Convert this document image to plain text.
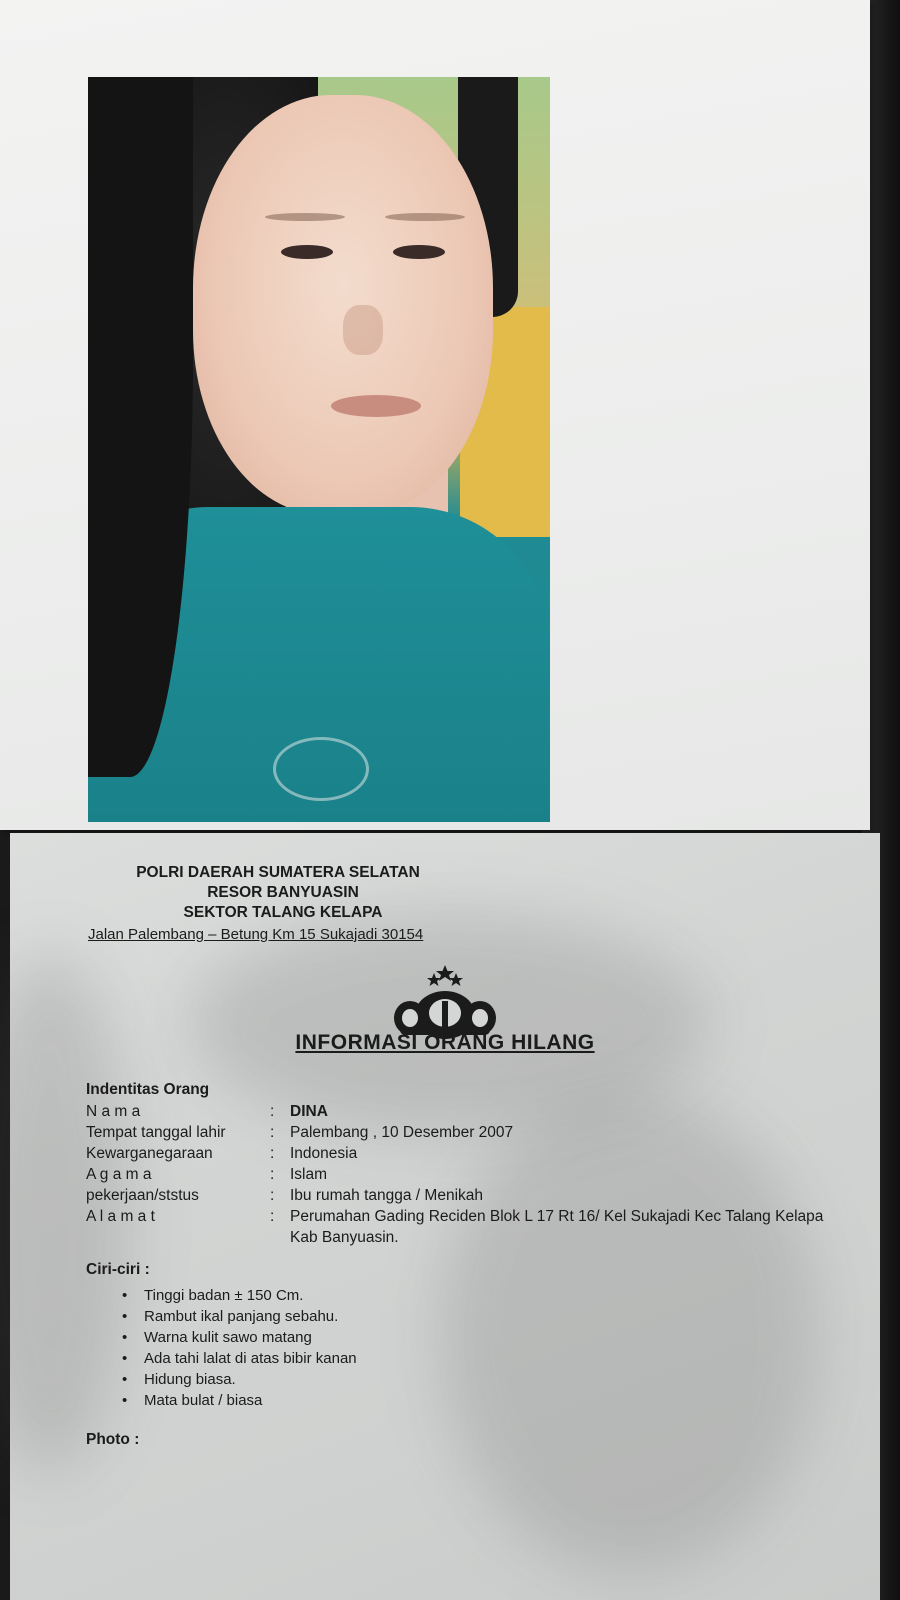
POLRI DAERAH SUMATERA SELATAN
RESOR BANYUASIN
SEKTOR TALANG KELAPA
Jalan Palembang – Betung Km 15 Sukajadi 30154
INFORMASI ORANG HILANG
Indentitas Orang
N a m a	: DINA
Tempat tanggal lahir	: Palembang , 10 Desember 2007
Kewarganegaraan	: Indonesia
A g a m a	: Islam
pekerjaan/ststus	: Ibu rumah tangga / Menikah
A l a m a t	: Perumahan Gading Reciden Blok L 17 Rt 16/ Kel Sukajadi Kec Talang Kelapa Kab Banyuasin.
Ciri-ciri :
• Tinggi badan ± 150 Cm.
• Rambut ikal panjang sebahu.
• Warna kulit sawo matang
• Ada tahi lalat di atas bibir kanan
• Hidung biasa.
• Mata bulat / biasa
Photo :
